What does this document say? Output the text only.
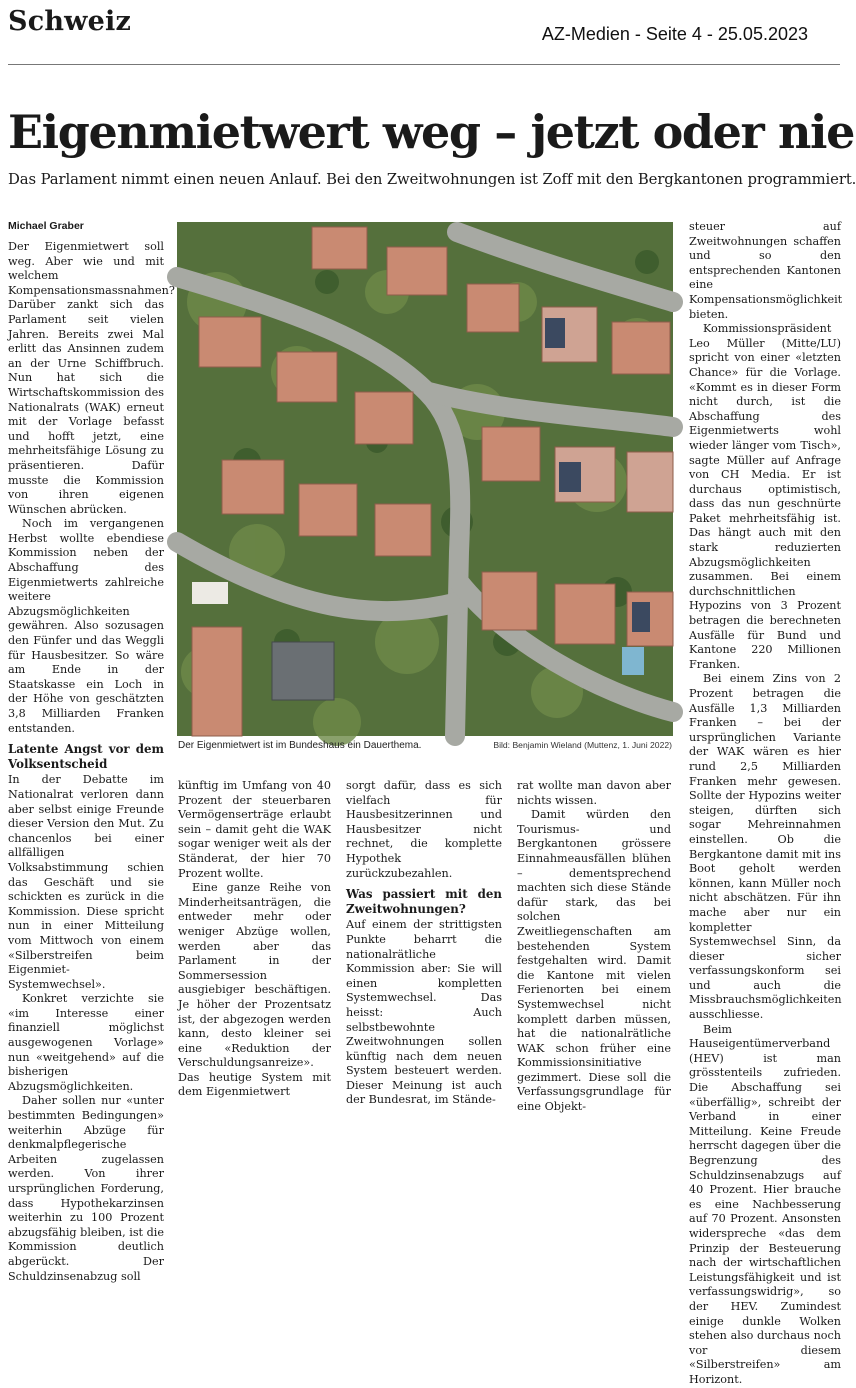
Schweiz	AZ-Medien - Seite 4 - 25.05.2023
Eigenmietwert weg – jetzt oder nie
Das Parlament nimmt einen neuen Anlauf. Bei den Zweitwohnungen ist Zoff mit den Bergkantonen programmiert.
Michael Graber

Der Eigenmietwert soll weg. Aber wie und mit welchem Kompensationsmassnahmen? Darüber zankt sich das Parlament seit vielen Jahren. Bereits zwei Mal erlitt das Ansinnen zudem an der Urne Schiffbruch. Nun hat sich die Wirtschaftskommission des Nationalrats (WAK) erneut mit der Vorlage befasst und hofft jetzt, eine mehrheitsfähige Lösung zu präsentieren. Dafür musste die Kommission von ihren eigenen Wünschen abrücken.

Noch im vergangenen Herbst wollte ebendiese Kommission neben der Abschaffung des Eigenmietwerts zahlreiche weitere Abzugsmöglichkeiten gewähren. Also sozusagen den Fünfer und das Weggli für Hausbesitzer. So wäre am Ende in der Staatskasse ein Loch in der Höhe von geschätzten 3,8 Milliarden Franken entstanden.

Latente Angst vor dem Volksentscheid

In der Debatte im Nationalrat verloren dann aber selbst einige Freunde dieser Version den Mut. Zu chancenlos bei einer allfälligen Volksabstimmung schien das Geschäft und sie schickten es zurück in die Kommission. Diese spricht nun in einer Mitteilung vom Mittwoch von einem «Silberstreifen beim Eigenmiet-Systemwechsel».

Konkret verzichte sie «im Interesse einer finanziell möglichst ausgewogenen Vorlage» nun «weitgehend» auf die bisherigen Abzugsmöglichkeiten.

Daher sollen nur «unter bestimmten Bedingungen» weiterhin Abzüge für denkmalpflegerische Arbeiten zugelassen werden. Von ihrer ursprünglichen Forderung, dass Hypothekarzinsen weiterhin zu 100 Prozent abzugsfähig bleiben, ist die Kommission deutlich abgerückt. Der Schuldzinsenabzug soll

Der Eigenmietwert ist im Bundeshaus ein Dauerthema.	Bild: Benjamin Wieland (Muttenz, 1. Juni 2022)

künftig im Umfang von 40 Prozent der steuerbaren Vermögenserträge erlaubt sein – damit geht die WAK sogar weniger weit als der Ständerat, der hier 70 Prozent wollte.

Eine ganze Reihe von Minderheitsanträgen, die entweder mehr oder weniger Abzüge wollen, werden aber das Parlament in der Sommersession ausgiebiger beschäftigen. Je höher der Prozentsatz ist, der abgezogen werden kann, desto kleiner sei eine «Reduktion der Verschuldungsanreize». Das heutige System mit dem Eigenmietwert

sorgt dafür, dass es sich vielfach für Hausbesitzerinnen und Hausbesitzer nicht rechnet, die komplette Hypothek zurückzubezahlen.

Was passiert mit den Zweitwohnungen?

Auf einem der strittigsten Punkte beharrt die nationalrätliche Kommission aber: Sie will einen kompletten Systemwechsel. Das heisst: Auch selbstbewohnte Zweitwohnungen sollen künftig nach dem neuen System besteuert werden. Dieser Meinung ist auch der Bundesrat, im Stände-

rat wollte man davon aber nichts wissen.

Damit würden den Tourismus- und Bergkantonen grössere Einnahmeausfällen blühen – dementsprechend machten sich diese Stände dafür stark, das bei solchen Zweitliegenschaften am bestehenden System festgehalten wird. Damit die Kantone mit vielen Ferienorten bei einem Systemwechsel nicht komplett darben müssen, hat die nationalrätliche WAK schon früher eine Kommissionsinitiative gezimmert. Diese soll die Verfassungsgrundlage für eine Objekt-

steuer auf Zweitwohnungen schaffen und so den entsprechenden Kantonen eine Kompensationsmöglichkeit bieten.

Kommissionspräsident Leo Müller (Mitte/LU) spricht von einer «letzten Chance» für die Vorlage. «Kommt es in dieser Form nicht durch, ist die Abschaffung des Eigenmietwerts wohl wieder länger vom Tisch», sagte Müller auf Anfrage von CH Media. Er ist durchaus optimistisch, dass das nun geschnürte Paket mehrheitsfähig ist. Das hängt auch mit den stark reduzierten Abzugsmöglichkeiten zusammen. Bei einem durchschnittlichen Hypozins von 3 Prozent betragen die berechneten Ausfälle für Bund und Kantone 220 Millionen Franken.

Bei einem Zins von 2 Prozent betragen die Ausfälle 1,3 Milliarden Franken – bei der ursprünglichen Variante der WAK wären es hier rund 2,5 Milliarden Franken mehr gewesen. Sollte der Hypozins weiter steigen, dürften sich sogar Mehreinnahmen einstellen. Ob die Bergkantone damit mit ins Boot geholt werden können, kann Müller noch nicht abschätzen. Für ihn mache aber nur ein kompletter Systemwechsel Sinn, da dieser sicher verfassungskonform sei und auch die Missbrauchsmöglichkeiten ausschliesse.

Beim Hauseigentümerverband (HEV) ist man grösstenteils zufrieden. Die Abschaffung sei «überfällig», schreibt der Verband in einer Mitteilung. Keine Freude herrscht dagegen über die Begrenzung des Schuldzinsenabzugs auf 40 Prozent. Hier brauche es eine Nachbesserung auf 70 Prozent. Ansonsten widerspreche «das dem Prinzip der Besteuerung nach der wirtschaftlichen Leistungsfähigkeit und ist verfassungswidrig», so der HEV. Zumindest einige dunkle Wolken stehen also durchaus noch vor diesem «Silberstreifen» am Horizont.
